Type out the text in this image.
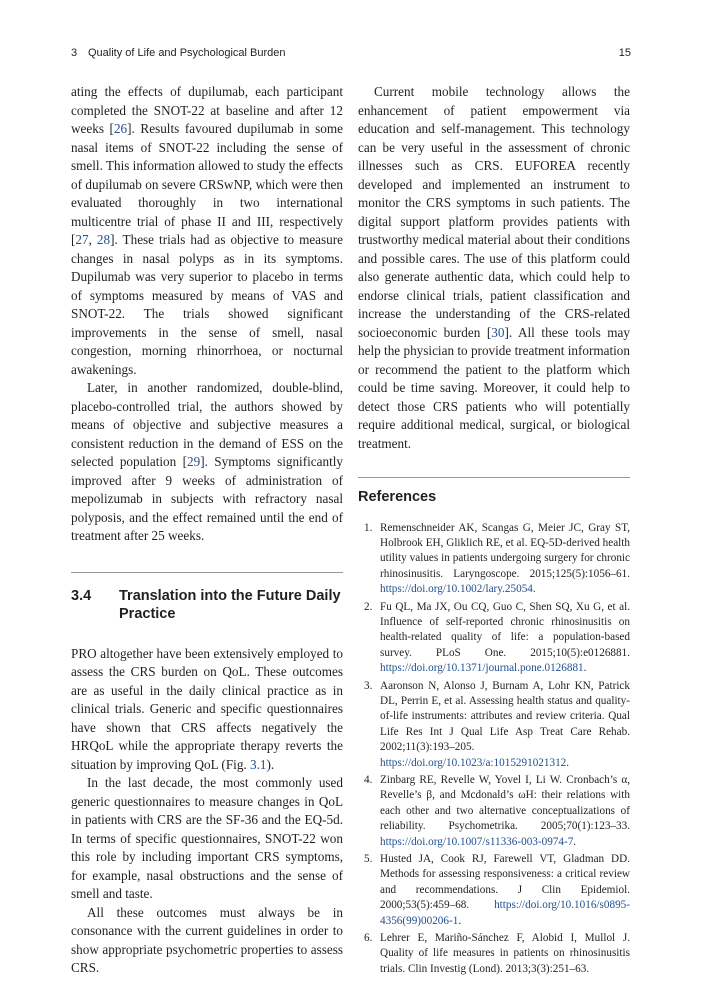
3 Quality of Life and Psychological Burden	15

ating the effects of dupilumab, each participant completed the SNOT-22 at baseline and after 12 weeks [26]. Results favoured dupilumab in some nasal items of SNOT-22 including the sense of smell. This information allowed to study the effects of dupilumab on severe CRSwNP, which were then evaluated thoroughly in two international multicentre trial of phase II and III, respectively [27, 28]. These trials had as objective to measure changes in nasal polyps as in its symptoms. Dupilumab was very superior to placebo in terms of symptoms measured by means of VAS and SNOT-22. The trials showed significant improvements in the sense of smell, nasal congestion, morning rhinorrhoea, or nocturnal awakenings.

Later, in another randomized, double-blind, placebo-controlled trial, the authors showed by means of objective and subjective measures a consistent reduction in the demand of ESS on the selected population [29]. Symptoms significantly improved after 9 weeks of administration of mepolizumab in subjects with refractory nasal polyposis, and the effect remained until the end of treatment after 25 weeks.

3.4	Translation into the Future Daily Practice

PRO altogether have been extensively employed to assess the CRS burden on QoL. These outcomes are as useful in the daily clinical practice as in clinical trials. Generic and specific questionnaires have shown that CRS affects negatively the HRQoL while the appropriate therapy reverts the situation by improving QoL (Fig. 3.1).

In the last decade, the most commonly used generic questionnaires to measure changes in QoL in patients with CRS are the SF-36 and the EQ-5d. In terms of specific questionnaires, SNOT-22 won this role by including important CRS symptoms, for example, nasal obstructions and the sense of smell and taste.

All these outcomes must always be in consonance with the current guidelines in order to show appropriate psychometric properties to assess CRS.

Current mobile technology allows the enhancement of patient empowerment via education and self-management. This technology can be very useful in the assessment of chronic illnesses such as CRS. EUFOREA recently developed and implemented an instrument to monitor the CRS symptoms in such patients. The digital support platform provides patients with trustworthy medical material about their conditions and possible cares. The use of this platform could also generate authentic data, which could help to endorse clinical trials, patient classification and increase the understanding of the CRS-related socioeconomic burden [30]. All these tools may help the physician to provide treatment information or recommend the patient to the platform which could be time saving. Moreover, it could help to detect those CRS patients who will potentially require additional medical, surgical, or biological treatment.

References
1. Remenschneider AK, Scangas G, Meier JC, Gray ST, Holbrook EH, Gliklich RE, et al. EQ-5D-derived health utility values in patients undergoing surgery for chronic rhinosinusitis. Laryngoscope. 2015;125(5):1056–61. https://doi.org/10.1002/lary.25054.
2. Fu QL, Ma JX, Ou CQ, Guo C, Shen SQ, Xu G, et al. Influence of self-reported chronic rhinosinusitis on health-related quality of life: a population-based survey. PLoS One. 2015;10(5):e0126881. https://doi.org/10.1371/journal.pone.0126881.
3. Aaronson N, Alonso J, Burnam A, Lohr KN, Patrick DL, Perrin E, et al. Assessing health status and quality-of-life instruments: attributes and review criteria. Qual Life Res Int J Qual Life Asp Treat Care Rehab. 2002;11(3):193–205. https://doi.org/10.1023/a:1015291021312.
4. Zinbarg RE, Revelle W, Yovel I, Li W. Cronbach’s α, Revelle’s β, and Mcdonald’s ωH: their relations with each other and two alternative conceptualizations of reliability. Psychometrika. 2005;70(1):123–33. https://doi.org/10.1007/s11336-003-0974-7.
5. Husted JA, Cook RJ, Farewell VT, Gladman DD. Methods for assessing responsiveness: a critical review and recommendations. J Clin Epidemiol. 2000;53(5):459–68. https://doi.org/10.1016/s0895-4356(99)00206-1.
6. Lehrer E, Mariño-Sánchez F, Alobid I, Mullol J. Quality of life measures in patients on rhinosinusitis trials. Clin Investig (Lond). 2013;3(3):251–63.
